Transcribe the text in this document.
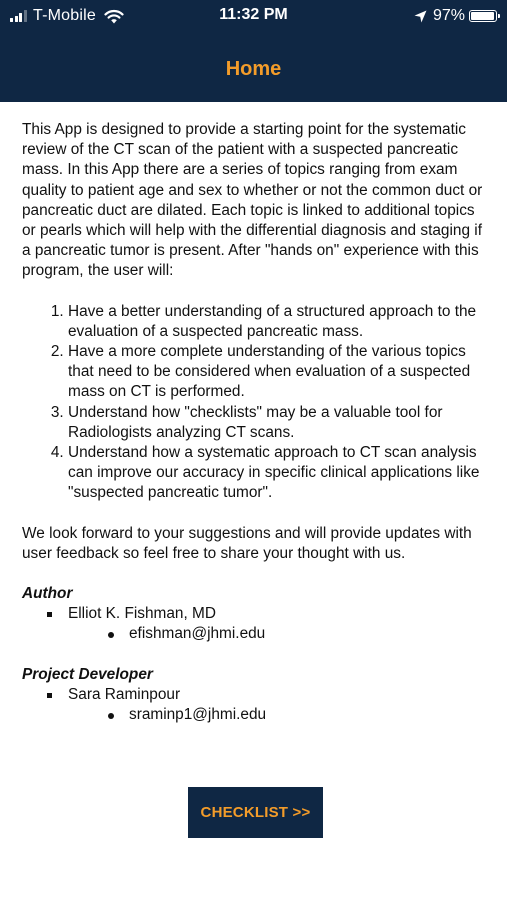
T-Mobile	11:32 PM	97%
Home

This App is designed to provide a starting point for the systematic review of the CT scan of the patient with a suspected pancreatic mass. In this App there are a series of topics ranging from exam quality to patient age and sex to whether or not the common duct or pancreatic duct are dilated. Each topic is linked to additional topics or pearls which will help with the differential diagnosis and staging if a pancreatic tumor is present. After "hands on" experience with this program, the user will:

1. Have a better understanding of a structured approach to the evaluation of a suspected pancreatic mass.
2. Have a more complete understanding of the various topics that need to be considered when evaluation of a suspected mass on CT is performed.
3. Understand how "checklists" may be a valuable tool for Radiologists analyzing CT scans.
4. Understand how a systematic approach to CT scan analysis can improve our accuracy in specific clinical applications like "suspected pancreatic tumor".

We look forward to your suggestions and will provide updates with user feedback so feel free to share your thought with us.

Author
Elliot K. Fishman, MD
efishman@jhmi.edu
Project Developer
Sara Raminpour
sraminp1@jhmi.edu
CHECKLIST >>
